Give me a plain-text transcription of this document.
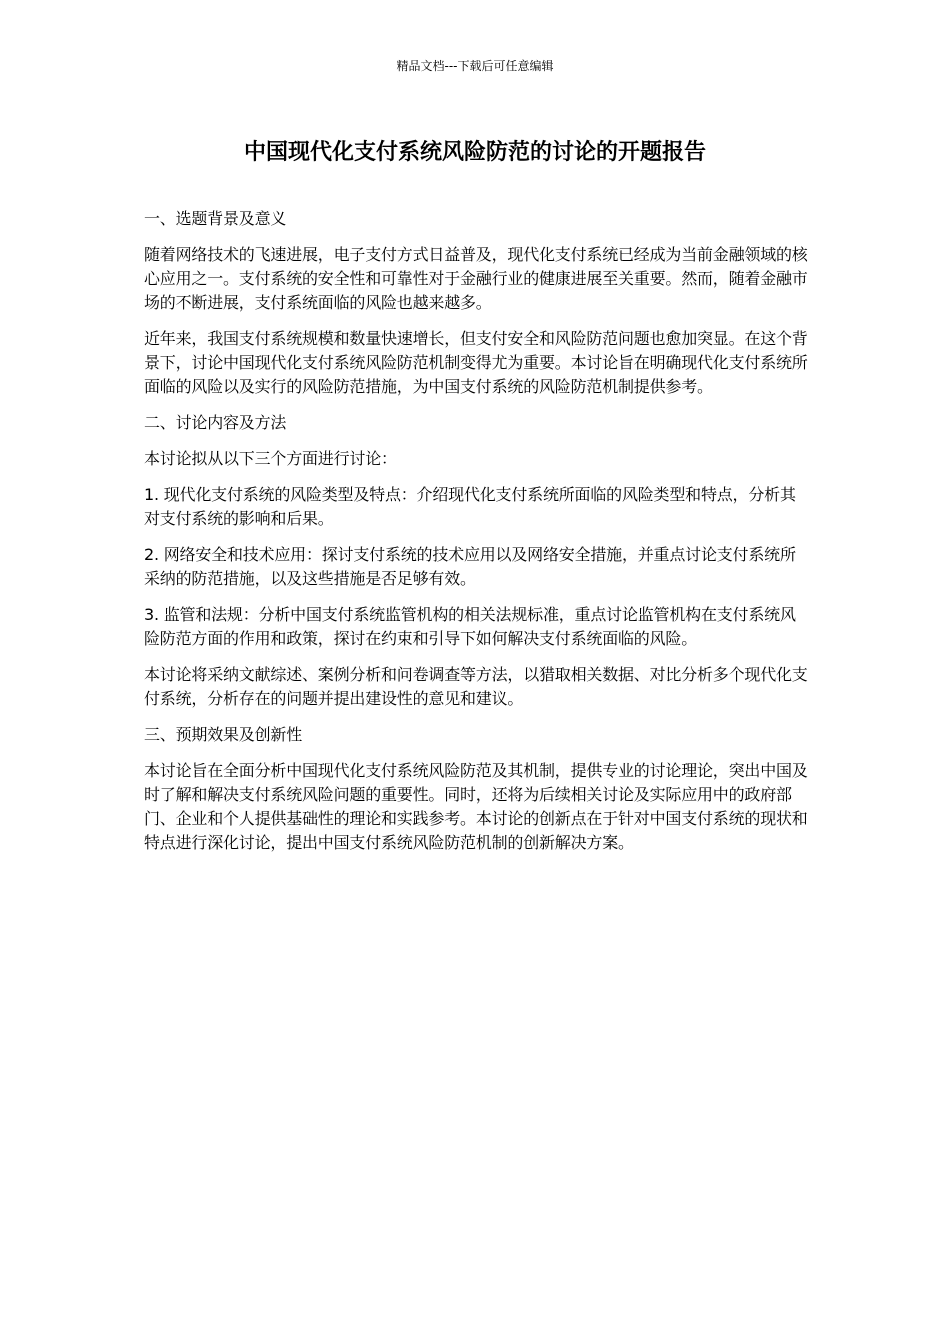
精品文档---下载后可任意编辑
中国现代化支付系统风险防范的讨论的开题报告

一、选题背景及意义

随着网络技术的飞速进展，电子支付方式日益普及，现代化支付系统已经成为当前金融领域的核心应用之一。支付系统的安全性和可靠性对于金融行业的健康进展至关重要。然而，随着金融市场的不断进展，支付系统面临的风险也越来越多。

近年来，我国支付系统规模和数量快速增长，但支付安全和风险防范问题也愈加突显。在这个背景下，讨论中国现代化支付系统风险防范机制变得尤为重要。本讨论旨在明确现代化支付系统所面临的风险以及实行的风险防范措施，为中国支付系统的风险防范机制提供参考。

二、讨论内容及方法

本讨论拟从以下三个方面进行讨论：

1. 现代化支付系统的风险类型及特点：介绍现代化支付系统所面临的风险类型和特点，分析其对支付系统的影响和后果。

2. 网络安全和技术应用：探讨支付系统的技术应用以及网络安全措施，并重点讨论支付系统所采纳的防范措施，以及这些措施是否足够有效。

3. 监管和法规：分析中国支付系统监管机构的相关法规标准，重点讨论监管机构在支付系统风险防范方面的作用和政策，探讨在约束和引导下如何解决支付系统面临的风险。

本讨论将采纳文献综述、案例分析和问卷调查等方法，以猎取相关数据、对比分析多个现代化支付系统，分析存在的问题并提出建设性的意见和建议。

三、预期效果及创新性

本讨论旨在全面分析中国现代化支付系统风险防范及其机制，提供专业的讨论理论，突出中国及时了解和解决支付系统风险问题的重要性。同时，还将为后续相关讨论及实际应用中的政府部门、企业和个人提供基础性的理论和实践参考。本讨论的创新点在于针对中国支付系统的现状和特点进行深化讨论，提出中国支付系统风险防范机制的创新解决方案。
